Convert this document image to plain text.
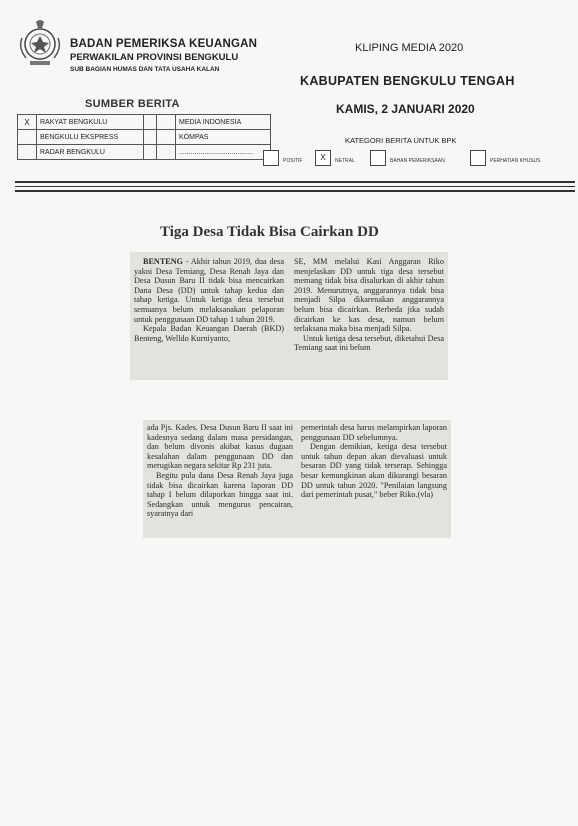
BADAN PEMERIKSA KEUANGAN
PERWAKILAN PROVINSI BENGKULU
SUB BAGIAN HUMAS DAN TATA USAHA KALAN
KLIPING MEDIA 2020
KABUPATEN BENGKULU TENGAH
KAMIS, 2 JANUARI 2020
SUMBER BERITA
X	RAKYAT BENGKULU			MEDIA INDONESIA
	BENGKULU EKSPRESS			KOMPAS
	RADAR BENGKULU			......................................
KATEGORI BERITA UNTUK BPK
POSITIF	X	NETRAL	BAHAN PEMERIKSAAN	PERHATIAN KHUSUS
Tiga Desa Tidak Bisa Cairkan DD

BENTENG - Akhir tahun 2019, dua desa yakni Desa Temiang, Desa Renah Jaya dan Desa Dusun Baru II tidak bisa mencairkan Dana Desa (DD) untuk tahap kedua dan tahap ketiga. Untuk ketiga desa tersebut semuanya belum melaksanakan pelaporan untuk penggunaan DD tahap 1 tahun 2019.

Kepala Badan Keuangan Daerah (BKD) Benteng, Welldo Kurniyanto,

SE, MM melalui Kasi Anggaran Riko menjelaskan DD untuk tiga desa tersebut memang tidak bisa disalurkan di akhir tahun 2019. Menurutnya, anggarannya tidak bisa menjadi Silpa dikarenakan anggarannya belum bisa dicairkan. Berbeda jika sudah dicairkan ke kas desa, namun belum terlaksana maka bisa menjadi Silpa.

Untuk ketiga desa tersebut, diketahui Desa Temiang saat ini belum

ada Pjs. Kades. Desa Dusun Baru II saat ini kadesnya sedang dalam masa persidangan, dan belum divonis akibat kasus dugaan kesalahan dalam penggunaan DD dan merugikan negara sekitar Rp 231 juta.

Begitu pula dana Desa Renah Jaya juga tidak bisa dicairkan karena laporan DD tahap I belum dilaporkan hingga saat ini. Sedangkan untuk mengurus pencairan, syaratnya dari

pemerintah desa harus melampirkan laporan penggunaan DD sebelumnya.

Dengan demikian, ketiga desa tersebut untuk tahun depan akan dievaluasi untuk besaran DD yang tidak terserap. Sehingga besar kemungkinan akan dikurangi besaran DD untuk tahun 2020. "Penilaian langsung dari pemerintah pusat," beber Riko.(vla)
